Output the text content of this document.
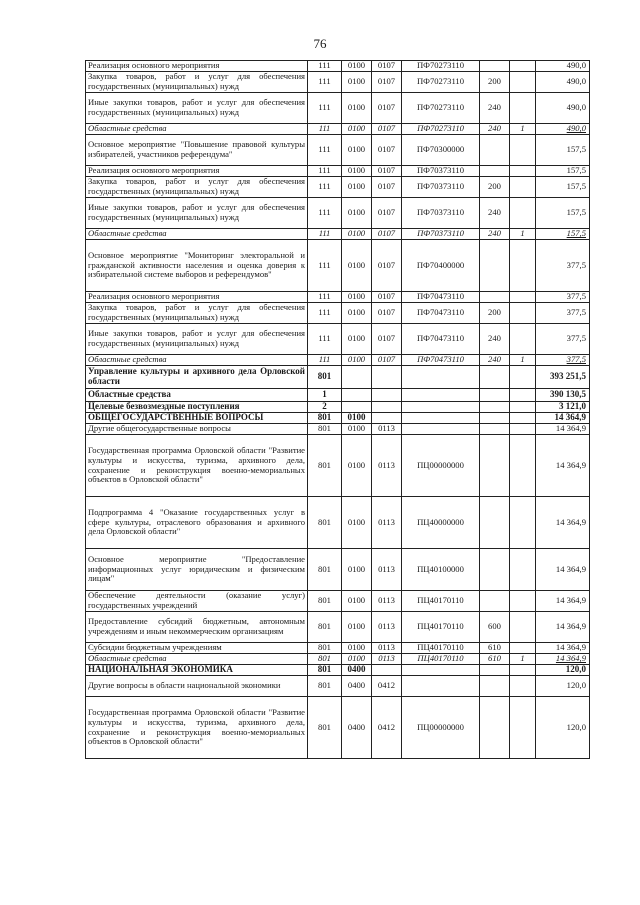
76
Реализация основного мероприятия	111	0100	0107	ПФ70273110			490,0
Закупка товаров, работ и услуг для обеспечения государственных (муниципальных) нужд	111	0100	0107	ПФ70273110	200		490,0
Иные закупки товаров, работ и услуг для обеспечения государственных (муниципальных) нужд	111	0100	0107	ПФ70273110	240		490,0
Областные средства	111	0100	0107	ПФ70273110	240	1	490,0
Основное мероприятие "Повышение правовой культуры избирателей, участников референдума"	111	0100	0107	ПФ70300000			157,5
Реализация основного мероприятия	111	0100	0107	ПФ70373110			157,5
Закупка товаров, работ и услуг для обеспечения государственных (муниципальных) нужд	111	0100	0107	ПФ70373110	200		157,5
Иные закупки товаров, работ и услуг для обеспечения государственных (муниципальных) нужд	111	0100	0107	ПФ70373110	240		157,5
Областные средства	111	0100	0107	ПФ70373110	240	1	157,5
Основное мероприятие "Мониторинг электоральной и гражданской активности населения и оценка доверия к избирательной системе выборов и референдумов"	111	0100	0107	ПФ70400000			377,5
Реализация основного мероприятия	111	0100	0107	ПФ70473110			377,5
Закупка товаров, работ и услуг для обеспечения государственных (муниципальных) нужд	111	0100	0107	ПФ70473110	200		377,5
Иные закупки товаров, работ и услуг для обеспечения государственных (муниципальных) нужд	111	0100	0107	ПФ70473110	240		377,5
Областные средства	111	0100	0107	ПФ70473110	240	1	377,5
Управление культуры и архивного дела Орловской области	801						393 251,5
Областные средства	1						390 130,5
Целевые безвозмездные поступления	2						3 121,0
ОБЩЕГОСУДАРСТВЕННЫЕ ВОПРОСЫ	801	0100					14 364,9
Другие общегосударственные вопросы	801	0100	0113				14 364,9
Государственная программа Орловской области "Развитие культуры и искусства, туризма, архивного дела, сохранение и реконструкция военно-мемориальных объектов в Орловской области"	801	0100	0113	ПЦ00000000			14 364,9
Подпрограмма 4 "Оказание государственных услуг в сфере культуры, отраслевого образования и архивного дела Орловской области"	801	0100	0113	ПЦ40000000			14 364,9
Основное мероприятие "Предоставление информационных услуг юридическим и физическим лицам"	801	0100	0113	ПЦ40100000			14 364,9
Обеспечение деятельности (оказание услуг) государственных учреждений	801	0100	0113	ПЦ40170110			14 364,9
Предоставление субсидий бюджетным, автономным учреждениям и иным некоммерческим организациям	801	0100	0113	ПЦ40170110	600		14 364,9
Субсидии бюджетным учреждениям	801	0100	0113	ПЦ40170110	610		14 364,9
Областные средства	801	0100	0113	ПЦ40170110	610	1	14 364,9
НАЦИОНАЛЬНАЯ ЭКОНОМИКА	801	0400					120,0
Другие вопросы в области национальной экономики	801	0400	0412				120,0
Государственная программа Орловской области "Развитие культуры и искусства, туризма, архивного дела, сохранение и реконструкция военно-мемориальных объектов в Орловской области"	801	0400	0412	ПЦ00000000			120,0
